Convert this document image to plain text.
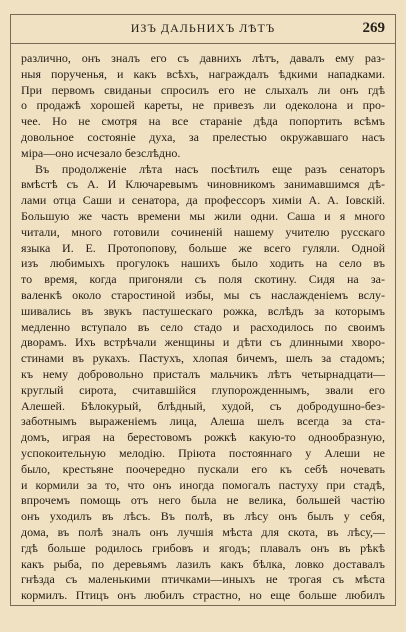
ИЗЪ ДАЛЬНИХЪ ЛѢТЪ	269
различно, онъ зналъ его съ давнихъ лѣтъ, давалъ ему раз-
ныя порученья, и какъ всѣхъ, награждалъ ѣдкими нападками.
При первомъ свиданьи спросилъ его не слыхалъ ли онъ гдѣ
о продажѣ хорошей кареты, не привезъ ли одеколона и про-
чее. Но не смотря на все стараніе дѣда попортить всѣмъ
довольное состояніе духа, за прелестью окружавшаго насъ
міра—оно исчезало безслѣдно.
Въ продолженіе лѣта насъ посѣтилъ еще разъ сенаторъ
вмѣстѣ съ А. И Ключаревымъ чиновникомъ занимавшимся дѣ-
лами отца Саши и сенатора, да профессоръ химіи А. А. Iовскій.
Большую же часть времени мы жили одни. Саша и я много
читали, много готовили сочиненій нашему учителю русскаго
языка И. Е. Протопопову, больше же всего гуляли. Одной
изъ любимыхъ прогулокъ нашихъ было ходить на село въ
то время, когда пригоняли съ поля скотину. Сидя на за-
валенкѣ около старостиной избы, мы съ наслажденіемъ вслу-
шивались въ звукъ пастушескаго рожка, вслѣдъ за которымъ
медленно вступало въ село стадо и расходилось по своимъ
дворамъ. Ихъ встрѣчали женщины и дѣти съ длинными хворо-
стинами въ рукахъ. Пастухъ, хлопая бичемъ, шелъ за стадомъ;
къ нему добровольно присталъ мальчикъ лѣтъ четырнадцати—
круглый сирота, считавшійся глупорожденнымъ, звали его
Алешей. Бѣлокурый, блѣдный, худой, съ добродушно-без-
заботнымъ выраженіемъ лица, Алеша шелъ всегда за ста-
домъ, играя на берестовомъ рожкѣ какую-то однообразную,
успокоительную мелодію. Пріюта постояннаго у Алеши не
было, крестьяне поочередно пускали его къ себѣ ночевать
и кормили за то, что онъ иногда помогалъ пастуху при стадѣ,
впрочемъ помощь отъ него была не велика, большей частію
онъ уходилъ въ лѣсъ. Въ полѣ, въ лѣсу онъ былъ у себя,
дома, въ полѣ зналъ онъ лучшія мѣста для скота, въ лѣсу,—
гдѣ больше родилось грибовъ и ягодъ; плавалъ онъ въ рѣкѣ
какъ рыба, по деревьямъ лазилъ какъ бѣлка, ловко доставалъ
гнѣзда съ маленькими птичками—иныхъ не трогая съ мѣста
кормилъ. Птицъ онъ любилъ страстно, но еще больше любилъ
